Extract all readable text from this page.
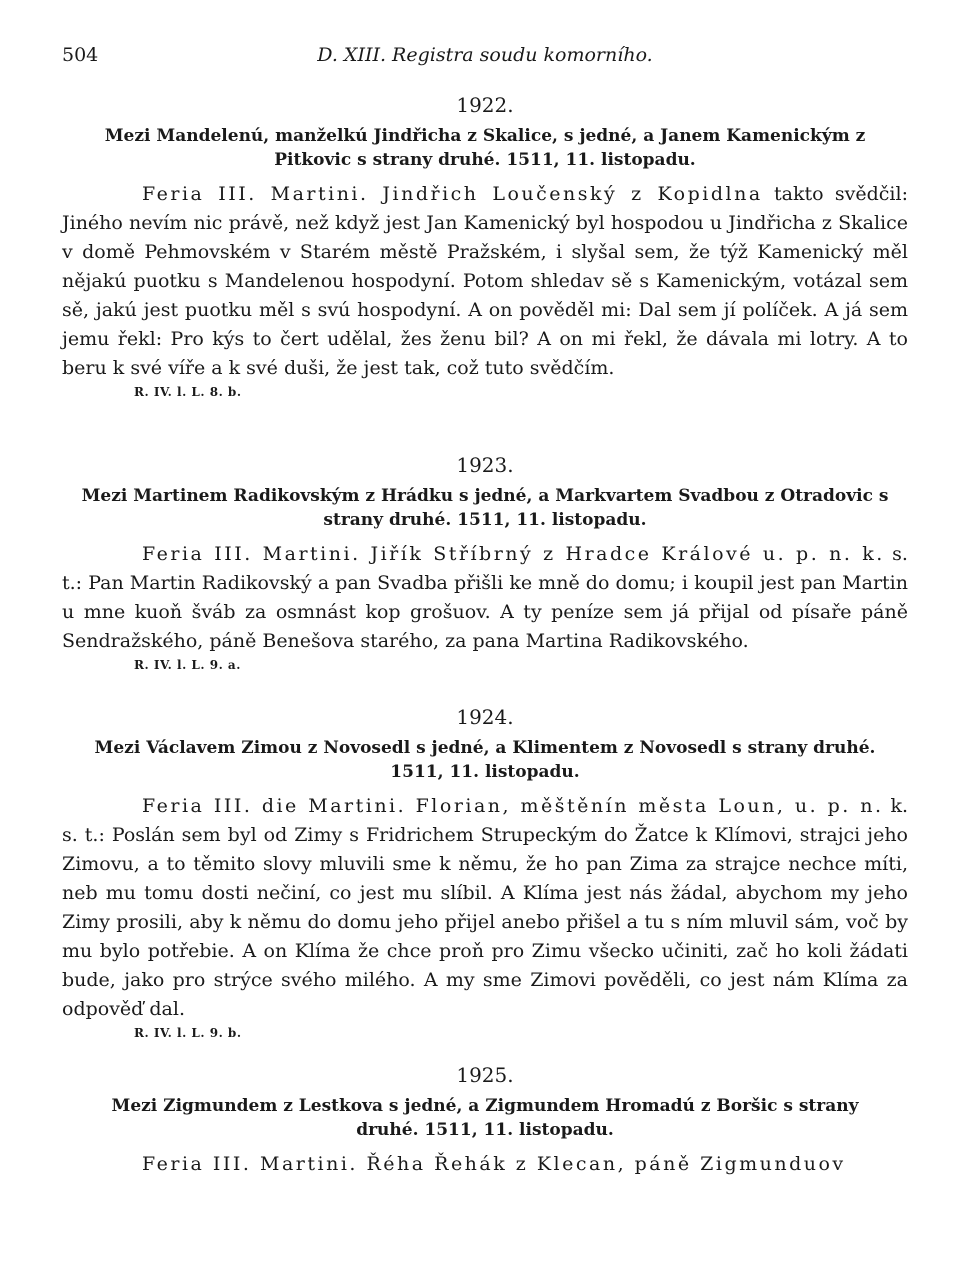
504	D. XIII. Registra soudu komorního.
1922.
Mezi Mandelenú, manželkú Jindřicha z Skalice, s jedné, a Janem Kamenickým z Pitkovic s strany druhé. 1511, 11. listopadu.

Feria III. Martini. Jindřich Loučenský z Kopidlna takto svědčil: Jiného nevím nic právě, než když jest Jan Kamenický byl hospodou u Jindřicha z Skalice v domě Pehmovském v Starém městě Pražském, i slyšal sem, že týž Kamenický měl nějakú puotku s Mandelenou hospodyní. Potom shledav sě s Kamenickým, votázal sem sě, jakú jest puotku měl s svú hospodyní. A on pověděl mi: Dal sem jí políček. A já sem jemu řekl: Pro kýs to čert udělal, žes ženu bil? A on mi řekl, že dávala mi lotry. A to beru k své víře a k své duši, že jest tak, což tuto svědčím.

R. IV. l. L. 8. b.
1923.
Mezi Martinem Radikovským z Hrádku s jedné, a Markvartem Svadbou z Otradovic s strany druhé. 1511, 11. listopadu.

Feria III. Martini. Jiřík Stříbrný z Hradce Králové u. p. n. k. s. t.: Pan Martin Radikovský a pan Svadba přišli ke mně do domu; i koupil jest pan Martin u mne kuoň šváb za osmnást kop grošuov. A ty peníze sem já přijal od písaře páně Sendražského, páně Benešova starého, za pana Martina Radikovského.

R. IV. l. L. 9. a.
1924.
Mezi Václavem Zimou z Novosedl s jedné, a Klimentem z Novosedl s strany druhé. 1511, 11. listopadu.

Feria III. die Martini. Florian, měštěnín města Loun, u. p. n. k. s. t.: Poslán sem byl od Zimy s Fridrichem Strupeckým do Žatce k Klímovi, strajci jeho Zimovu, a to těmito slovy mluvili sme k němu, že ho pan Zima za strajce nechce míti, neb mu tomu dosti nečiní, co jest mu slíbil. A Klíma jest nás žádal, abychom my jeho Zimy prosili, aby k němu do domu jeho přijel anebo přišel a tu s ním mluvil sám, voč by mu bylo potřebie. A on Klíma že chce proň pro Zimu všecko učiniti, zač ho koli žádati bude, jako pro strýce svého milého. A my sme Zimovi pověděli, co jest nám Klíma za odpověď dal.

R. IV. l. L. 9. b.
1925.
Mezi Zigmundem z Lestkova s jedné, a Zigmundem Hromadú z Boršic s strany druhé. 1511, 11. listopadu.

Feria III. Martini. Řéha Řehák z Klecan, páně Zigmunduov
